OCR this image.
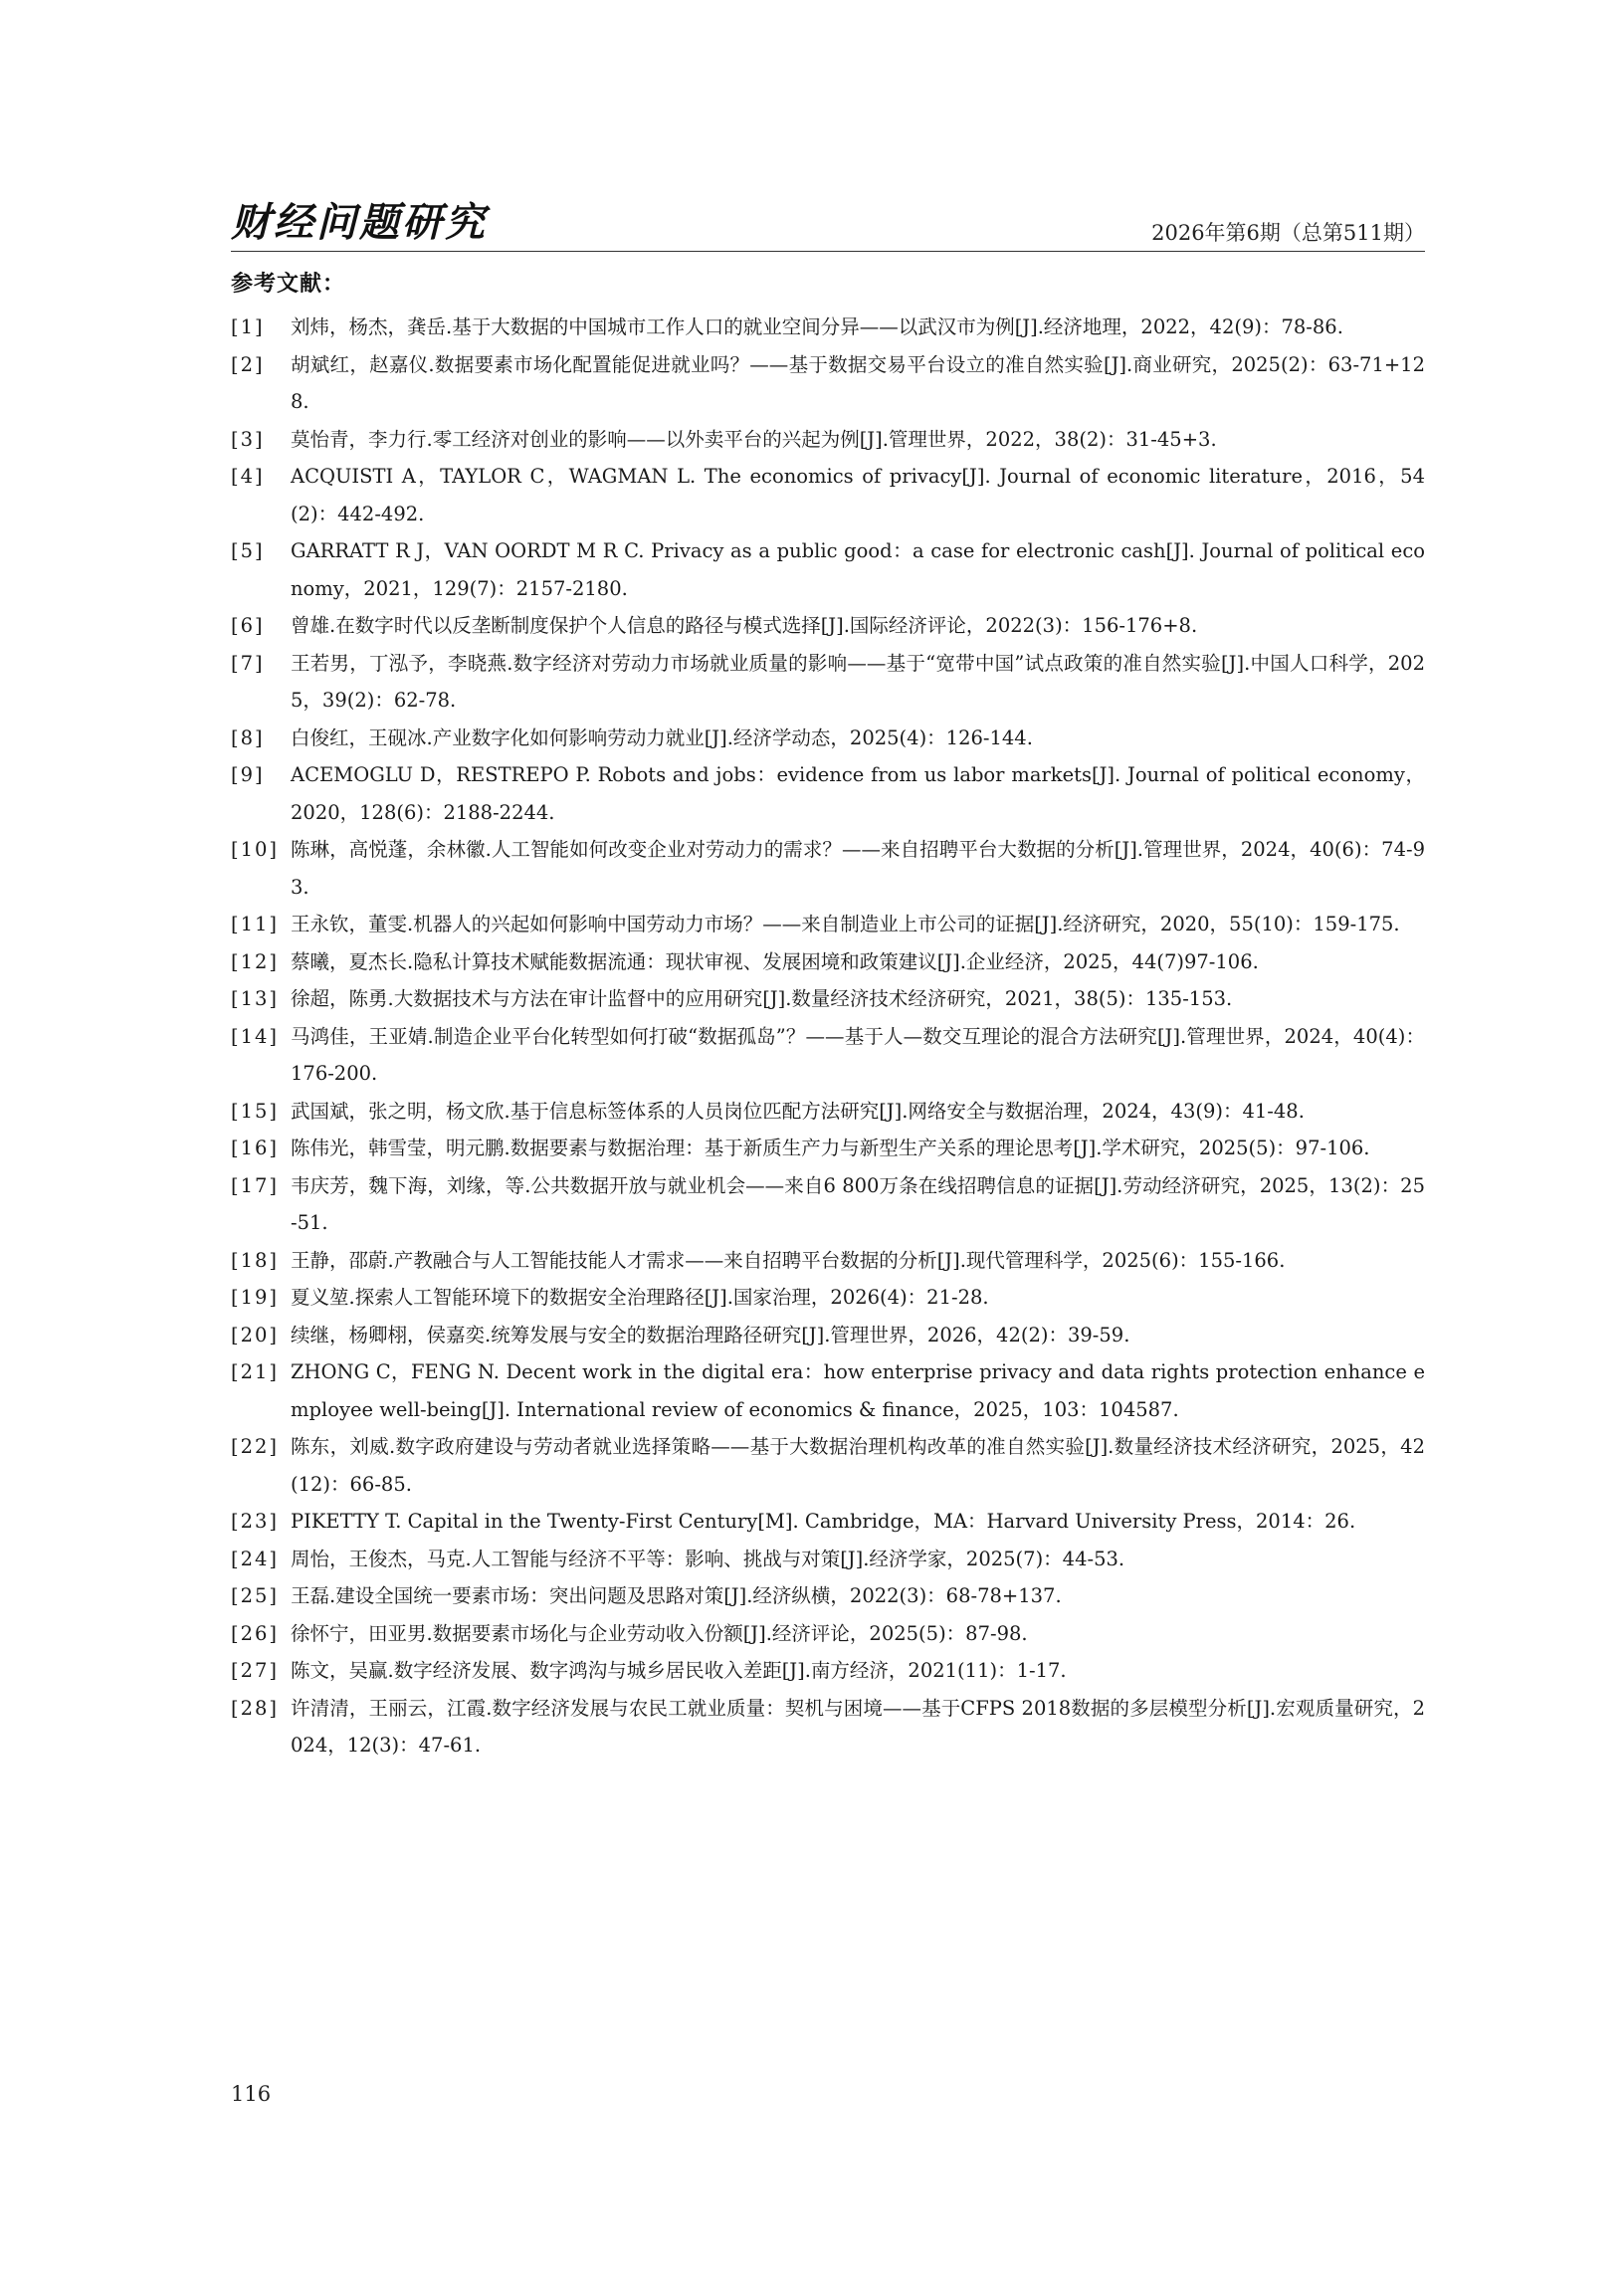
财经问题研究	2026年第6期（总第511期）
参考文献：
[1]	刘炜，杨杰，龚岳.基于大数据的中国城市工作人口的就业空间分异——以武汉市为例[J].经济地理，2022，42(9)：78-86.
[2]	胡斌红，赵嘉仪.数据要素市场化配置能促进就业吗？——基于数据交易平台设立的准自然实验[J].商业研究，2025(2)：63-71+128.
[3]	莫怡青，李力行.零工经济对创业的影响——以外卖平台的兴起为例[J].管理世界，2022，38(2)：31-45+3.
[4]	ACQUISTI A，TAYLOR C，WAGMAN L. The economics of privacy[J]. Journal of economic literature，2016，54(2)：442-492.
[5]	GARRATT R J，VAN OORDT M R C. Privacy as a public good：a case for electronic cash[J]. Journal of political economy，2021，129(7)：2157-2180.
[6]	曾雄.在数字时代以反垄断制度保护个人信息的路径与模式选择[J].国际经济评论，2022(3)：156-176+8.
[7]	王若男，丁泓予，李晓燕.数字经济对劳动力市场就业质量的影响——基于“宽带中国”试点政策的准自然实验[J].中国人口科学，2025，39(2)：62-78.
[8]	白俊红，王砚冰.产业数字化如何影响劳动力就业[J].经济学动态，2025(4)：126-144.
[9]	ACEMOGLU D，RESTREPO P. Robots and jobs：evidence from us labor markets[J]. Journal of political economy，2020，128(6)：2188-2244.
[10] 陈琳，高悦蓬，余林徽.人工智能如何改变企业对劳动力的需求？——来自招聘平台大数据的分析[J].管理世界，2024，40(6)：74-93.
[11] 王永钦，董雯.机器人的兴起如何影响中国劳动力市场？——来自制造业上市公司的证据[J].经济研究，2020，55(10)：159-175.
[12] 蔡曦，夏杰长.隐私计算技术赋能数据流通：现状审视、发展困境和政策建议[J].企业经济，2025，44(7)97-106.
[13] 徐超，陈勇.大数据技术与方法在审计监督中的应用研究[J].数量经济技术经济研究，2021，38(5)：135-153.
[14] 马鸿佳，王亚婧.制造企业平台化转型如何打破“数据孤岛”？——基于人—数交互理论的混合方法研究[J].管理世界，2024，40(4)：176-200.
[15] 武国斌，张之明，杨文欣.基于信息标签体系的人员岗位匹配方法研究[J].网络安全与数据治理，2024，43(9)：41-48.
[16] 陈伟光，韩雪莹，明元鹏.数据要素与数据治理：基于新质生产力与新型生产关系的理论思考[J].学术研究，2025(5)：97-106.
[17] 韦庆芳，魏下海，刘缘，等.公共数据开放与就业机会——来自6 800万条在线招聘信息的证据[J].劳动经济研究，2025，13(2)：25-51.
[18] 王静，邵蔚.产教融合与人工智能技能人才需求——来自招聘平台数据的分析[J].现代管理科学，2025(6)：155-166.
[19] 夏义堃.探索人工智能环境下的数据安全治理路径[J].国家治理，2026(4)：21-28.
[20] 续继，杨卿栩，侯嘉奕.统筹发展与安全的数据治理路径研究[J].管理世界，2026，42(2)：39-59.
[21] ZHONG C，FENG N. Decent work in the digital era：how enterprise privacy and data rights protection enhance employee well-being[J]. International review of economics & finance，2025，103：104587.
[22] 陈东，刘威.数字政府建设与劳动者就业选择策略——基于大数据治理机构改革的准自然实验[J].数量经济技术经济研究，2025，42(12)：66-85.
[23] PIKETTY T. Capital in the Twenty-First Century[M]. Cambridge，MA：Harvard University Press，2014：26.
[24] 周怡，王俊杰，马克.人工智能与经济不平等：影响、挑战与对策[J].经济学家，2025(7)：44-53.
[25] 王磊.建设全国统一要素市场：突出问题及思路对策[J].经济纵横，2022(3)：68-78+137.
[26] 徐怀宁，田亚男.数据要素市场化与企业劳动收入份额[J].经济评论，2025(5)：87-98.
[27] 陈文，吴赢.数字经济发展、数字鸿沟与城乡居民收入差距[J].南方经济，2021(11)：1-17.
[28] 许清清，王丽云，江霞.数字经济发展与农民工就业质量：契机与困境——基于CFPS 2018数据的多层模型分析[J].宏观质量研究，2024，12(3)：47-61.
116
